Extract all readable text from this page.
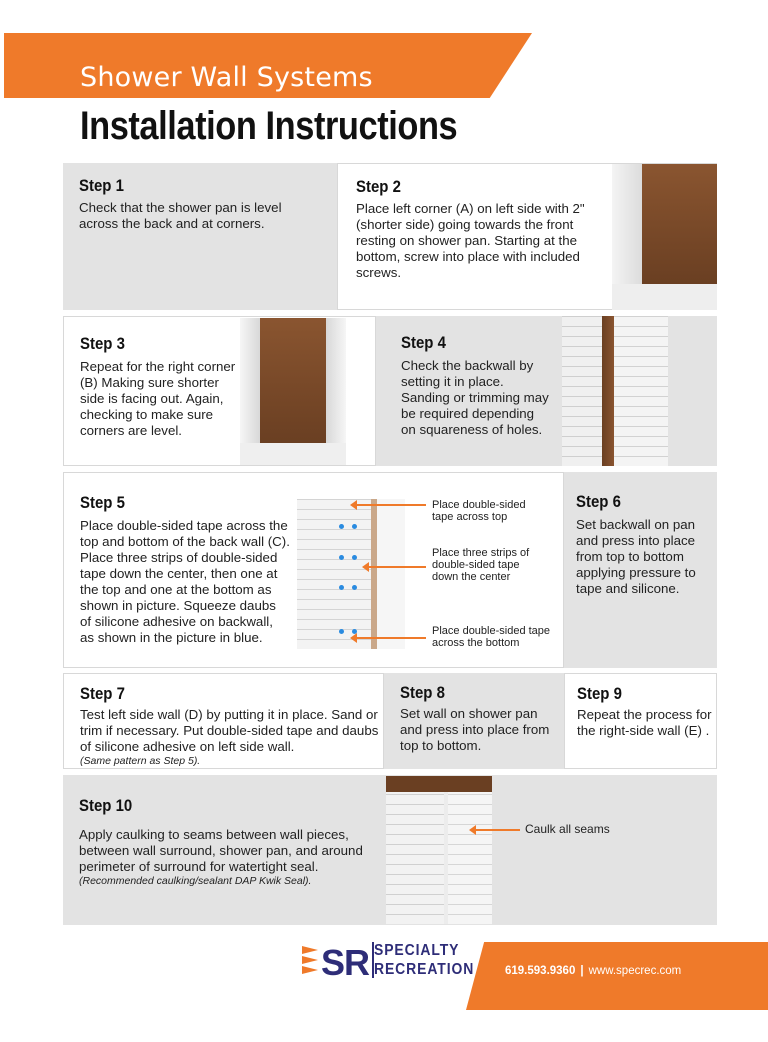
Shower Wall Systems
Installation Instructions
Step 1
Check that the shower pan is level across the back and at corners.
Step 2
Place left corner (A) on left side with 2" (shorter side) going towards the front resting on shower pan. Starting at the bottom, screw into place with included screws.
Step 3
Repeat for the right corner (B) Making sure shorter side is facing out. Again, checking to make sure corners are level.
Step 4
Check the backwall by setting it in place. Sanding or trimming may be required depending on squareness of holes.
Step 5
Place double-sided tape across the top and bottom of the back wall (C). Place three strips of double-sided tape down the center, then one at the top and one at the bottom as shown in picture. Squeeze daubs of silicone adhesive on backwall, as shown in the picture in blue.
Place double-sided tape across top
Place three strips of double-sided tape down the center
Place double-sided tape across the bottom
Step 6
Set backwall on pan and press into place from top to bottom applying pressure to tape and silicone.
Step 7
Test left side wall (D) by putting it in place. Sand or trim if necessary. Put double-sided tape and daubs of silicone adhesive on left side wall.
(Same pattern as Step 5).
Step 8
Set wall on shower pan and press into place from top to bottom.
Step 9
Repeat the process for the right-side wall (E) .
Step 10
Apply caulking to seams between wall pieces, between wall surround, shower pan, and around perimeter of surround for watertight seal.
(Recommended caulking/sealant DAP Kwik Seal).
Caulk all seams
SR SPECIALTY
RECREATION	619.593.9360 | www.specrec.com
